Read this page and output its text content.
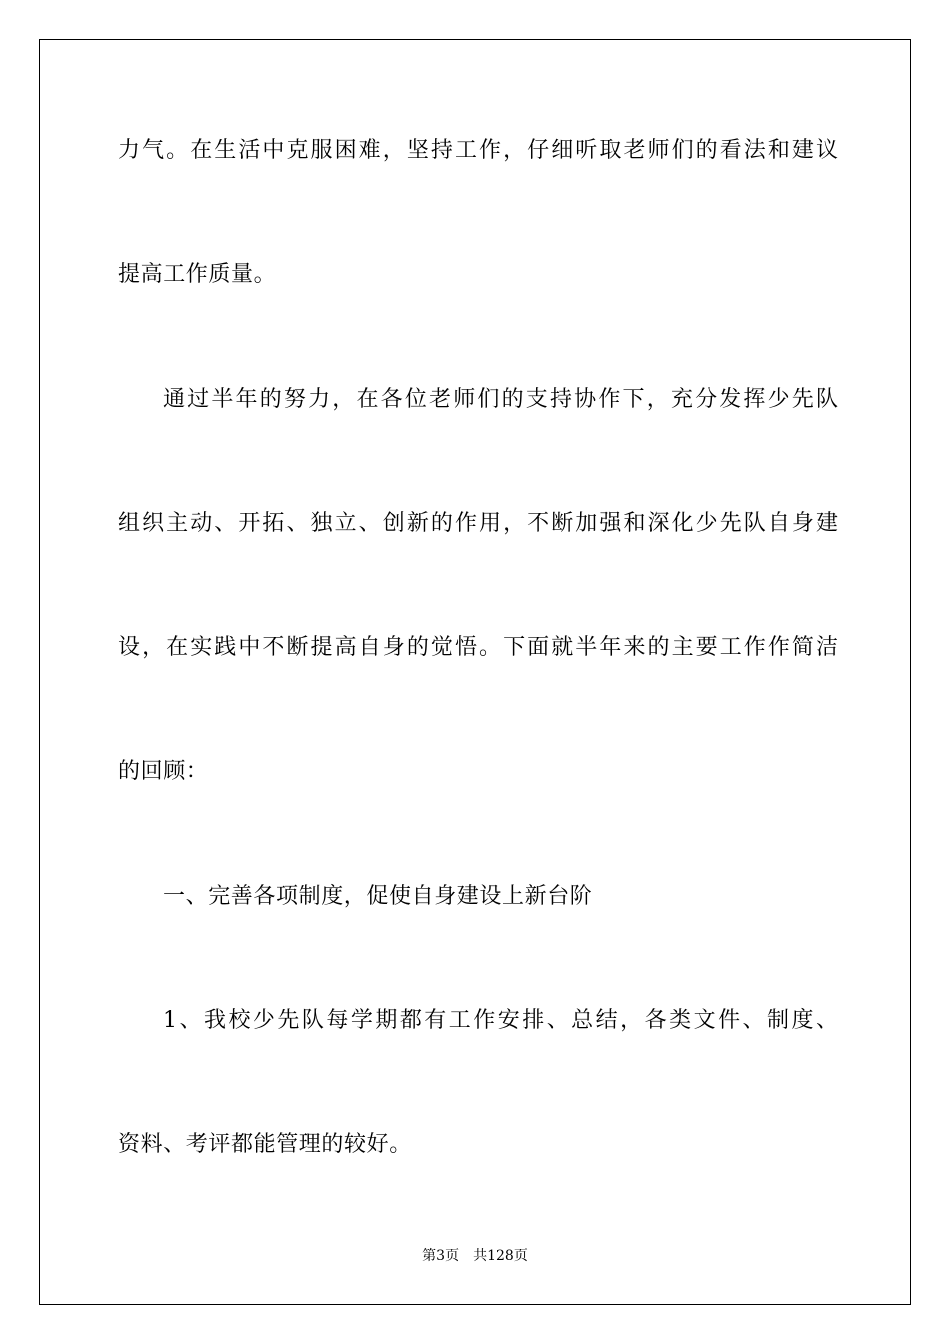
力气。在生活中克服困难，坚持工作，仔细听取老师们的看法和建议
提高工作质量。
通过半年的努力，在各位老师们的支持协作下，充分发挥少先队
组织主动、开拓、独立、创新的作用，不断加强和深化少先队自身建
设，在实践中不断提高自身的觉悟。下面就半年来的主要工作作简洁
的回顾：
一、完善各项制度，促使自身建设上新台阶
1、我校少先队每学期都有工作安排、总结，各类文件、制度、
资料、考评都能管理的较好。
第3页 共128页
